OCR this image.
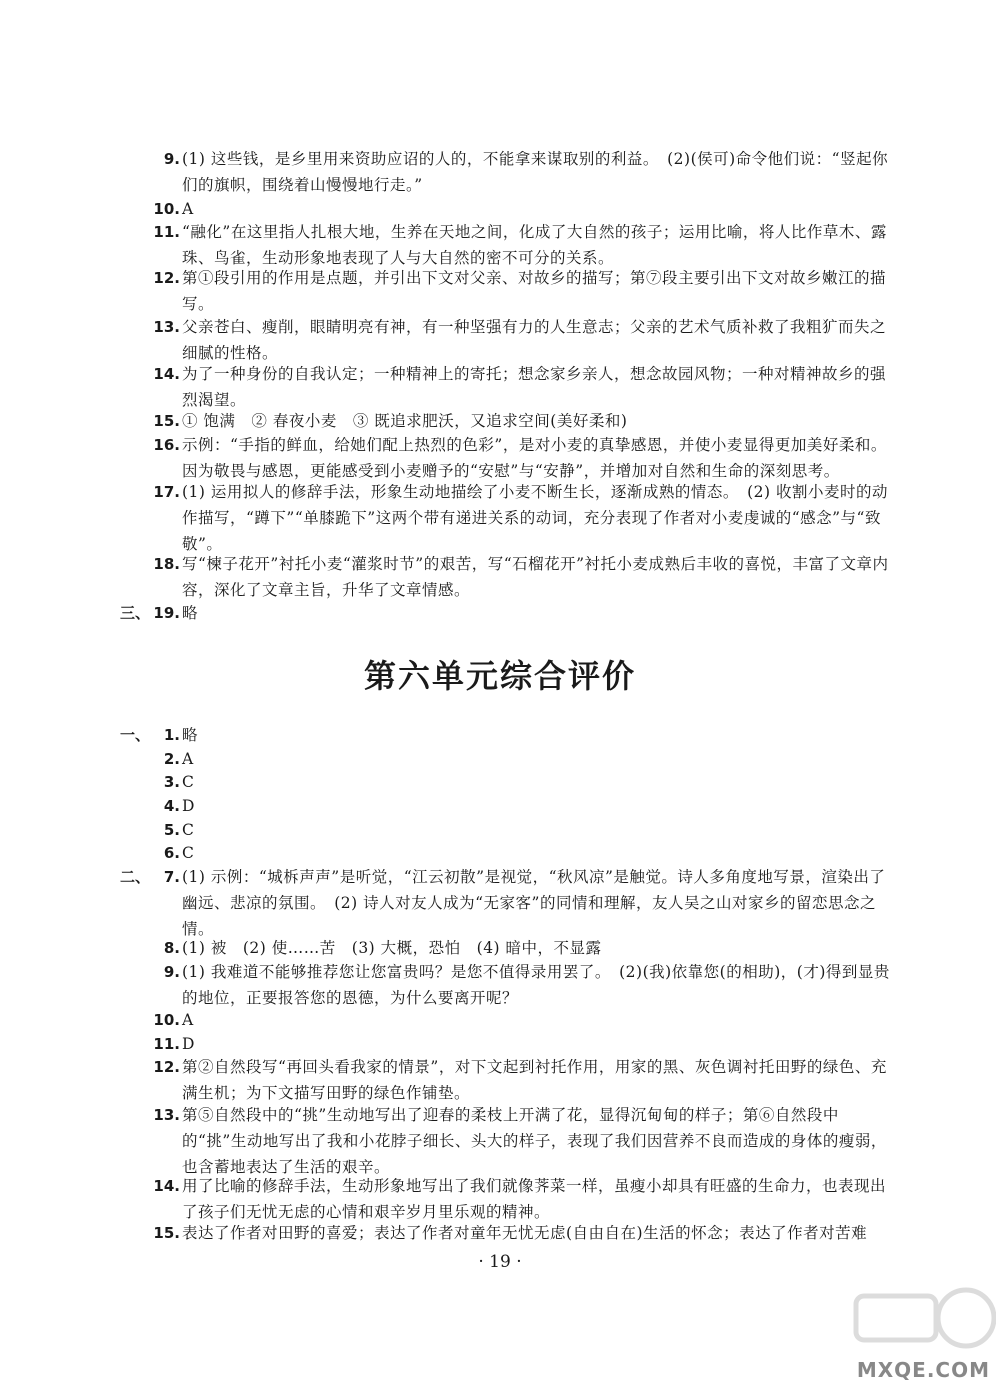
9. (1) 这些钱，是乡里用来资助应诏的人的，不能拿来谋取别的利益。　(2)(侯可)命令他们说：“竖起你们的旗帜，围绕着山慢慢地行走。”
10. A
11. “融化”在这里指人扎根大地，生养在天地之间，化成了大自然的孩子；运用比喻，将人比作草木、露珠、鸟雀，生动形象地表现了人与大自然的密不可分的关系。
12. 第①段引用的作用是点题，并引出下文对父亲、对故乡的描写；第⑦段主要引出下文对故乡嫩江的描写。
13. 父亲苍白、瘦削，眼睛明亮有神，有一种坚强有力的人生意志；父亲的艺术气质补救了我粗犷而失之细腻的性格。
14. 为了一种身份的自我认定；一种精神上的寄托；想念家乡亲人，想念故园风物；一种对精神故乡的强烈渴望。
15. ① 饱满　② 春夜小麦　③ 既追求肥沃，又追求空间(美好柔和)
16. 示例：“手指的鲜血，给她们配上热烈的色彩”，是对小麦的真挚感恩，并使小麦显得更加美好柔和。因为敬畏与感恩，更能感受到小麦赠予的“安慰”与“安静”，并增加对自然和生命的深刻思考。
17. (1) 运用拟人的修辞手法，形象生动地描绘了小麦不断生长，逐渐成熟的情态。　(2) 收割小麦时的动作描写，“蹲下”“单膝跪下”这两个带有递进关系的动词，充分表现了作者对小麦虔诚的“感念”与“致敬”。
18. 写“楝子花开”衬托小麦“灌浆时节”的艰苦，写“石榴花开”衬托小麦成熟后丰收的喜悦，丰富了文章内容，深化了文章主旨，升华了文章情感。
三、 19. 略
第六单元综合评价
一、 1. 略
2. A
3. C
4. D
5. C
6. C
二、 7. (1) 示例：“城柝声声”是听觉，“江云初散”是视觉，“秋风凉”是触觉。诗人多角度地写景，渲染出了幽远、悲凉的氛围。　(2) 诗人对友人成为“无家客”的同情和理解，友人吴之山对家乡的留恋思念之情。
8. (1) 被　(2) 使……苦　(3) 大概，恐怕　(4) 暗中，不显露
9. (1) 我难道不能够推荐您让您富贵吗？是您不值得录用罢了。　(2)(我)依靠您(的相助)，(才)得到显贵的地位，正要报答您的恩德，为什么要离开呢？
10. A
11. D
12. 第②自然段写“再回头看我家的情景”，对下文起到衬托作用，用家的黑、灰色调衬托田野的绿色、充满生机；为下文描写田野的绿色作铺垫。
13. 第⑤自然段中的“挑”生动地写出了迎春的柔枝上开满了花，显得沉甸甸的样子；第⑥自然段中的“挑”生动地写出了我和小花脖子细长、头大的样子，表现了我们因营养不良而造成的身体的瘦弱，也含蓄地表达了生活的艰辛。
14. 用了比喻的修辞手法，生动形象地写出了我们就像荠菜一样，虽瘦小却具有旺盛的生命力，也表现出了孩子们无忧无虑的心情和艰辛岁月里乐观的精神。
15. 表达了作者对田野的喜爱；表达了作者对童年无忧无虑(自由自在)生活的怀念；表达了作者对苦难
· 19 ·
MXQE.COM
